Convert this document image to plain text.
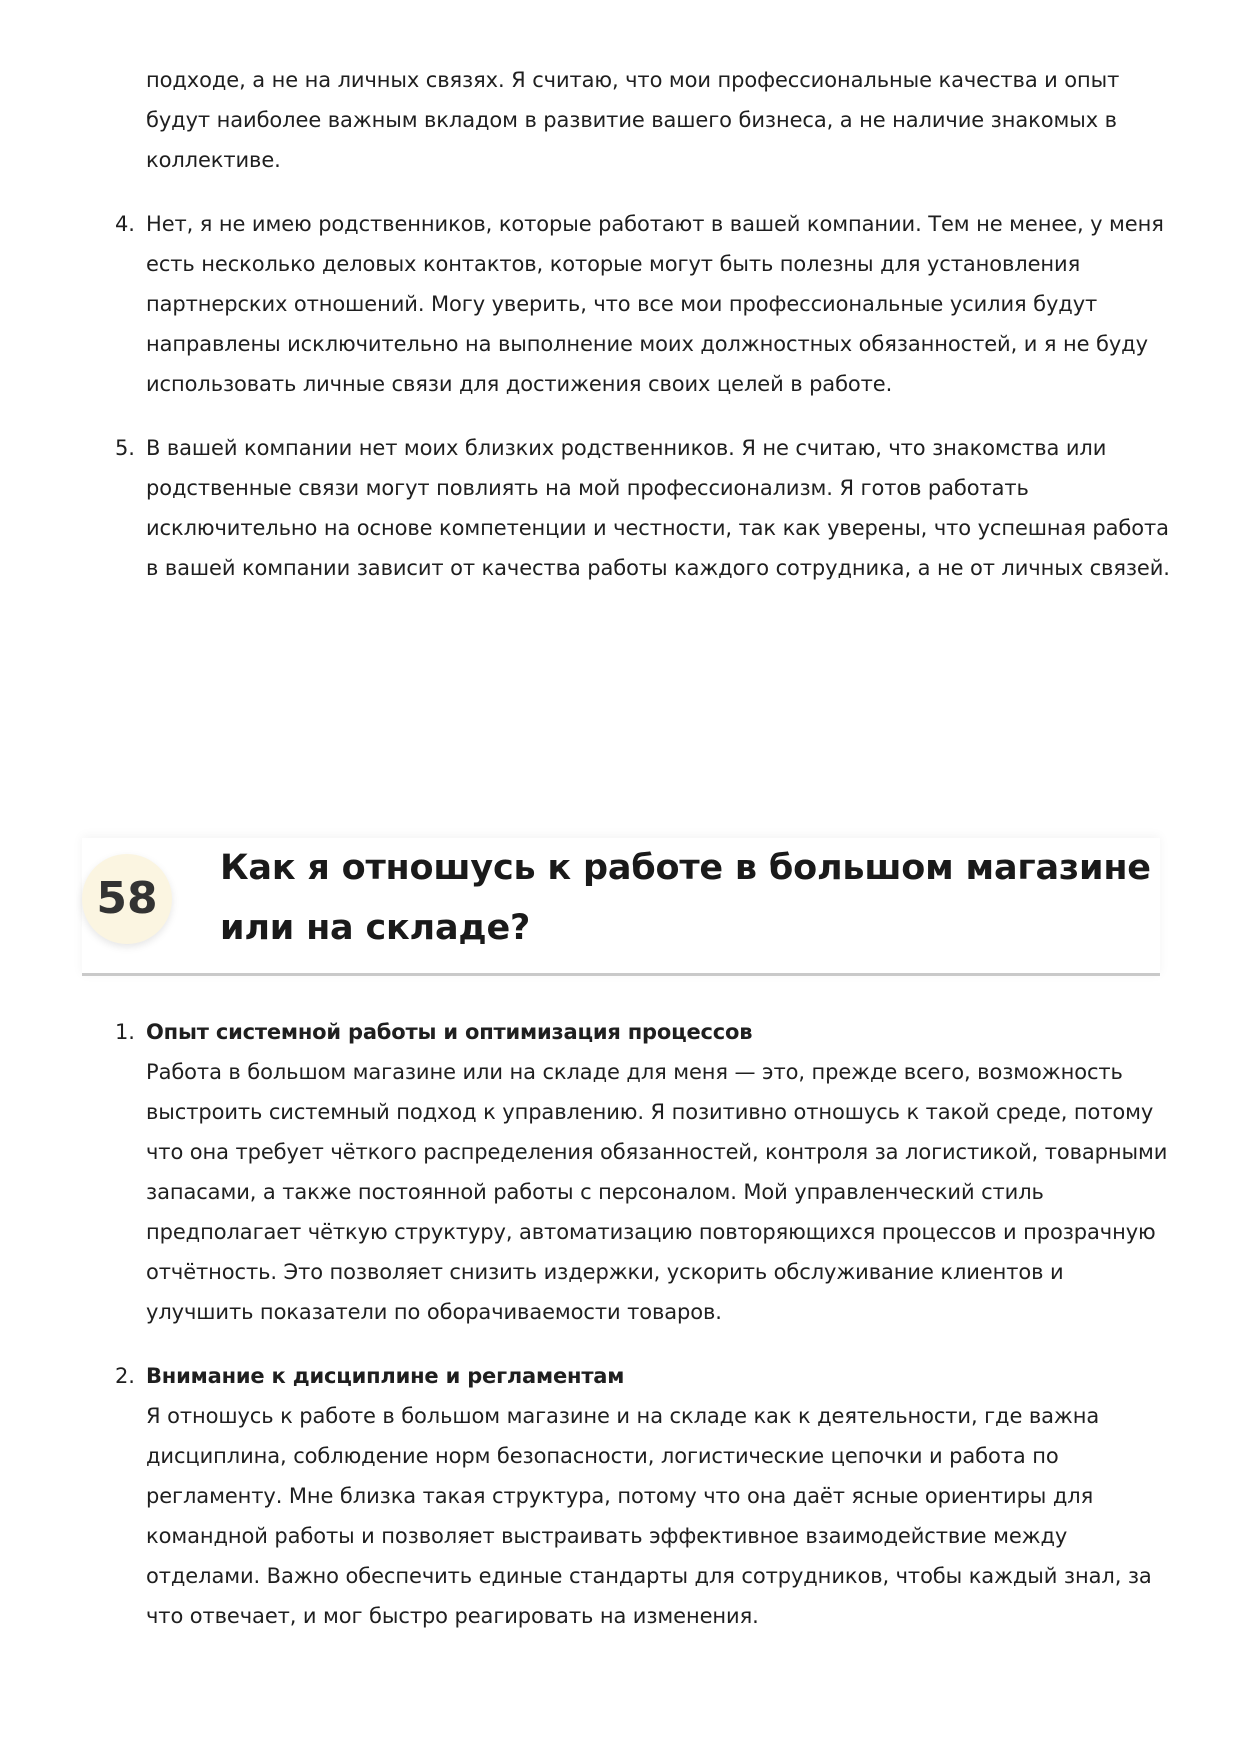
подходе, а не на личных связях. Я считаю, что мои профессиональные качества и опыт будут наиболее важным вкладом в развитие вашего бизнеса, а не наличие знакомых в коллективе.
4. Нет, я не имею родственников, которые работают в вашей компании. Тем не менее, у меня есть несколько деловых контактов, которые могут быть полезны для установления партнерских отношений. Могу уверить, что все мои профессиональные усилия будут направлены исключительно на выполнение моих должностных обязанностей, и я не буду использовать личные связи для достижения своих целей в работе.
5. В вашей компании нет моих близких родственников. Я не считаю, что знакомства или родственные связи могут повлиять на мой профессионализм. Я готов работать исключительно на основе компетенции и честности, так как уверены, что успешная работа в вашей компании зависит от качества работы каждого сотрудника, а не от личных связей.
58
Как я отношусь к работе в большом магазине или на складе?
1. Опыт системной работы и оптимизация процессов
Работа в большом магазине или на складе для меня — это, прежде всего, возможность выстроить системный подход к управлению. Я позитивно отношусь к такой среде, потому что она требует чёткого распределения обязанностей, контроля за логистикой, товарными запасами, а также постоянной работы с персоналом. Мой управленческий стиль предполагает чёткую структуру, автоматизацию повторяющихся процессов и прозрачную отчётность. Это позволяет снизить издержки, ускорить обслуживание клиентов и улучшить показатели по оборачиваемости товаров.
2. Внимание к дисциплине и регламентам
Я отношусь к работе в большом магазине и на складе как к деятельности, где важна дисциплина, соблюдение норм безопасности, логистические цепочки и работа по регламенту. Мне близка такая структура, потому что она даёт ясные ориентиры для командной работы и позволяет выстраивать эффективное взаимодействие между отделами. Важно обеспечить единые стандарты для сотрудников, чтобы каждый знал, за что отвечает, и мог быстро реагировать на изменения.
